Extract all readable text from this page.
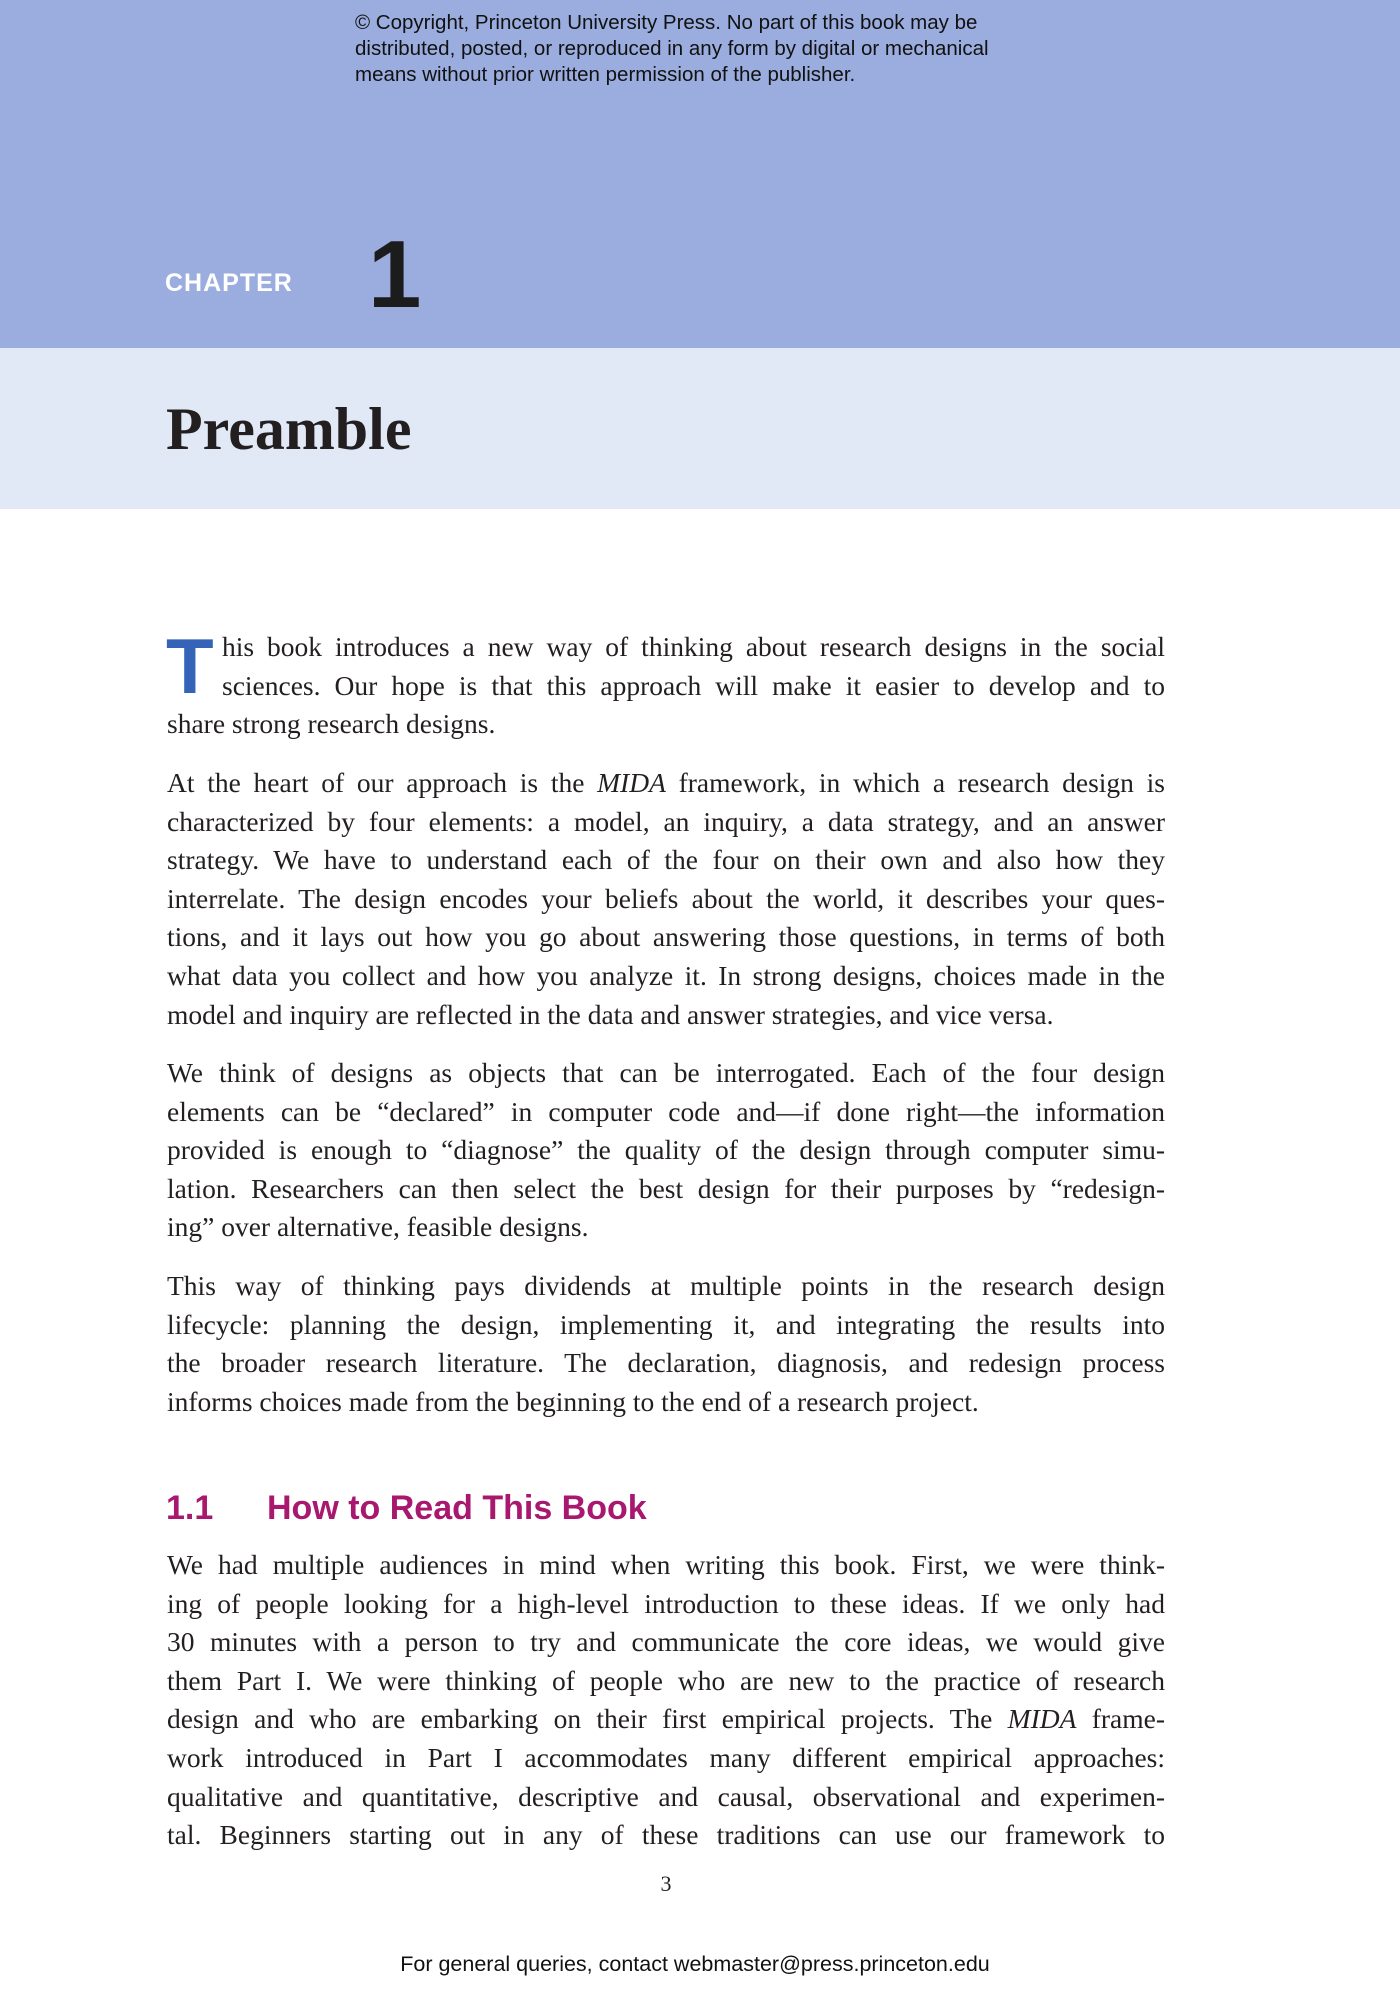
© Copyright, Princeton University Press. No part of this book may be
distributed, posted, or reproduced in any form by digital or mechanical
means without prior written permission of the publisher.
CHAPTER 1
Preamble
T his book introduces a new way of thinking about research designs in the social
sciences. Our hope is that this approach will make it easier to develop and to
share strong research designs.
At the heart of our approach is the MIDA framework, in which a research design is
characterized by four elements: a model, an inquiry, a data strategy, and an answer
strategy. We have to understand each of the four on their own and also how they
interrelate. The design encodes your beliefs about the world, it describes your ques-
tions, and it lays out how you go about answering those questions, in terms of both
what data you collect and how you analyze it. In strong designs, choices made in the
model and inquiry are reflected in the data and answer strategies, and vice versa.
We think of designs as objects that can be interrogated. Each of the four design
elements can be “declared” in computer code and—if done right—the information
provided is enough to “diagnose” the quality of the design through computer simu-
lation. Researchers can then select the best design for their purposes by “redesign-
ing” over alternative, feasible designs.
This way of thinking pays dividends at multiple points in the research design
lifecycle: planning the design, implementing it, and integrating the results into
the broader research literature. The declaration, diagnosis, and redesign process
informs choices made from the beginning to the end of a research project.
1.1 How to Read This Book
We had multiple audiences in mind when writing this book. First, we were think-
ing of people looking for a high-level introduction to these ideas. If we only had
30 minutes with a person to try and communicate the core ideas, we would give
them Part I. We were thinking of people who are new to the practice of research
design and who are embarking on their first empirical projects. The MIDA frame-
work introduced in Part I accommodates many different empirical approaches:
qualitative and quantitative, descriptive and causal, observational and experimen-
tal. Beginners starting out in any of these traditions can use our framework to
3
For general queries, contact webmaster@press.princeton.edu
